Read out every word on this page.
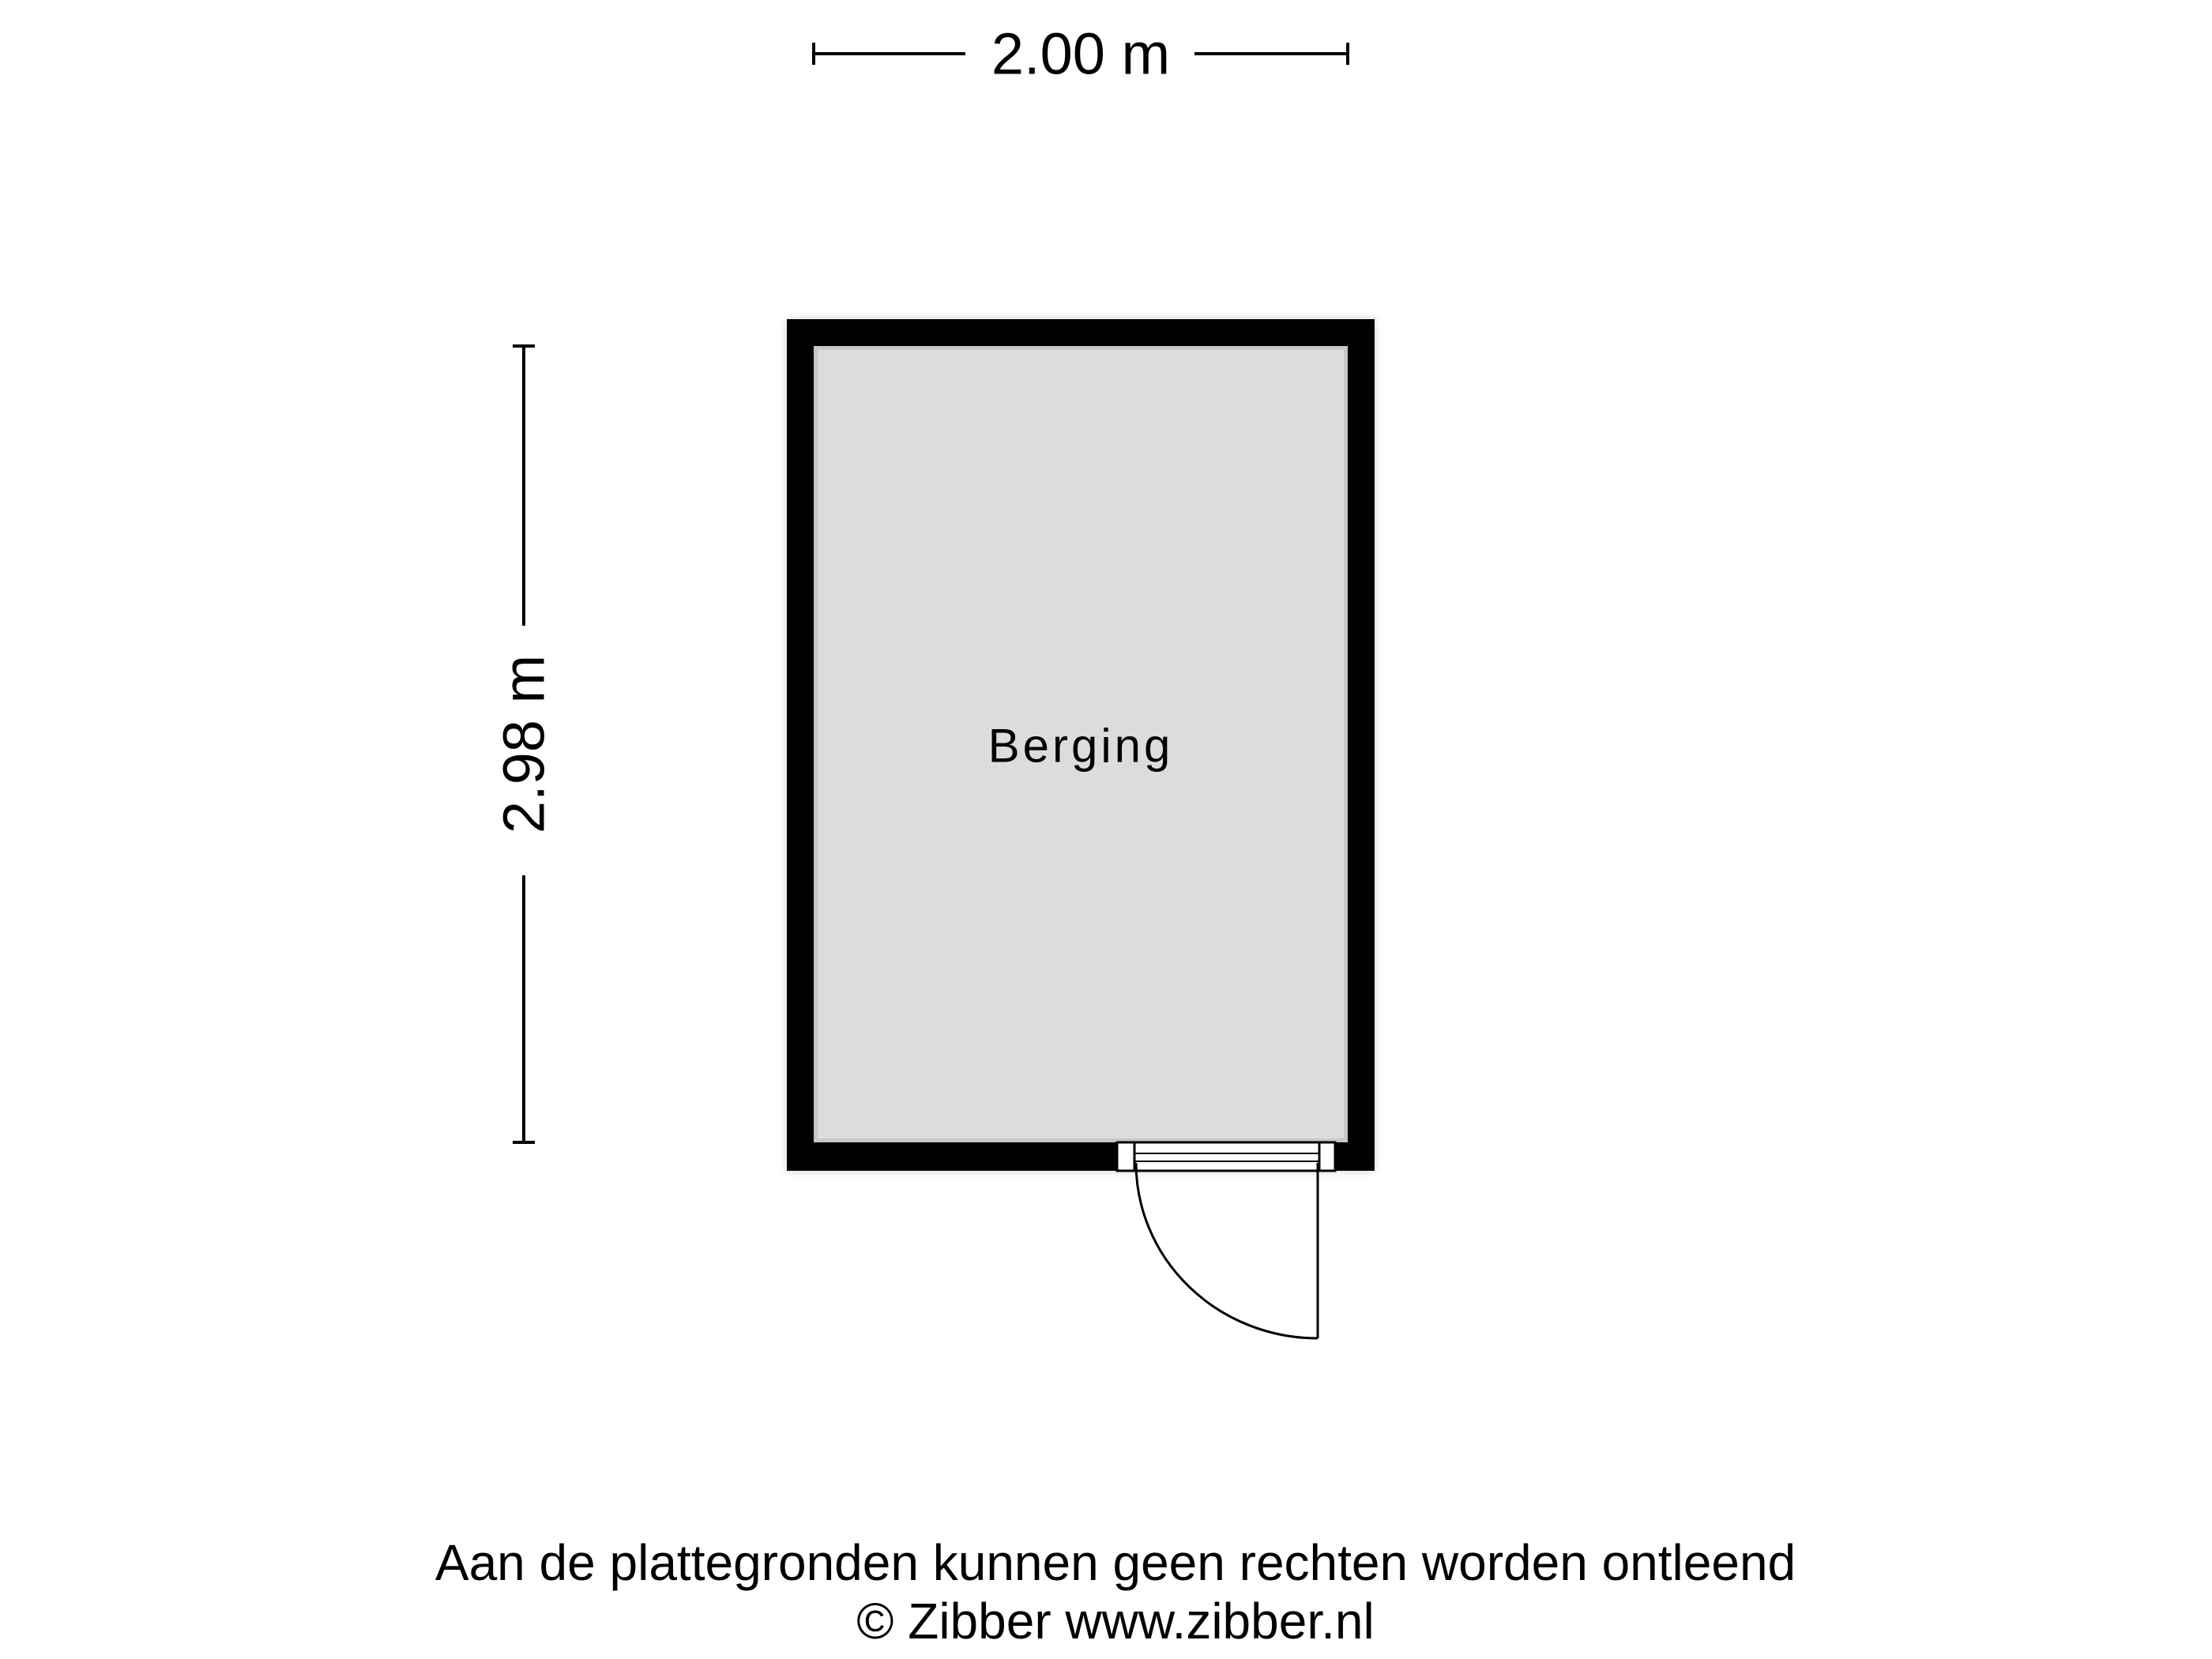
2.00 m
2.98 m	Berging
Aan de plattegronden kunnen geen rechten worden ontleend
© Zibber www.zibber.nl
